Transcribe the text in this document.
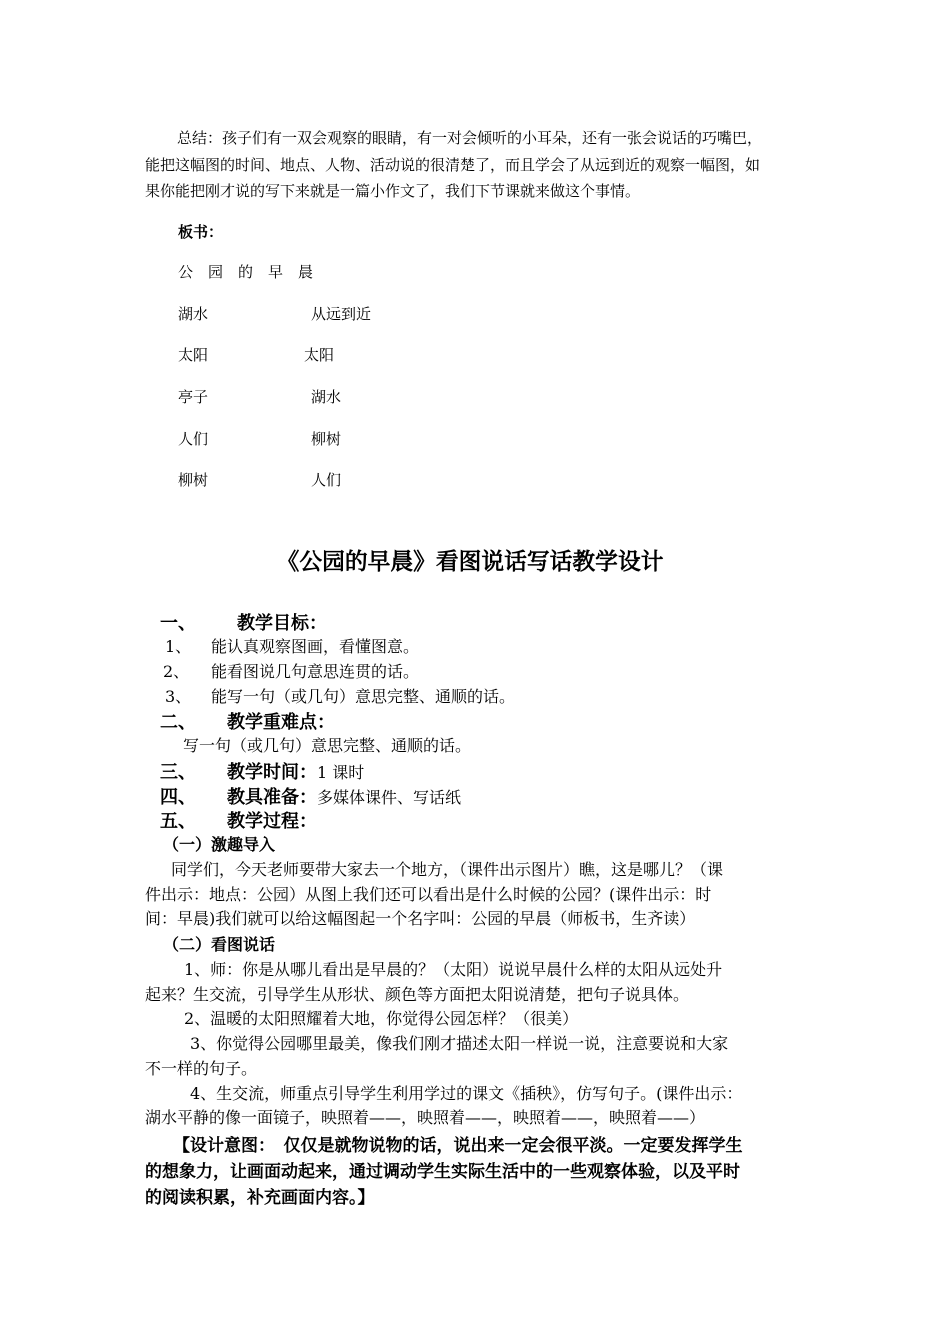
总结：孩子们有一双会观察的眼睛，有一对会倾听的小耳朵，还有一张会说话的巧嘴巴，
能把这幅图的时间、地点、人物、活动说的很清楚了，而且学会了从远到近的观察一幅图，如
果你能把刚才说的写下来就是一篇小作文了，我们下节课就来做这个事情。
板书：
公　园　的　早　晨
湖水	从远到近
太阳	太阳
亭子	湖水
人们	柳树
柳树	人们
《公园的早晨》看图说话写话教学设计
一、 教学目标：
1、 能认真观察图画，看懂图意。
2、 能看图说几句意思连贯的话。
3、 能写一句（或几句）意思完整、通顺的话。
二、 教学重难点：
写一句（或几句）意思完整、通顺的话。
三、 教学时间：1 课时
四、 教具准备：多媒体课件、写话纸
五、 教学过程：
（一）激趣导入
同学们，今天老师要带大家去一个地方，（课件出示图片）瞧，这是哪儿？（课
件出示：地点：公园）从图上我们还可以看出是什么时候的公园？(课件出示：时
间：早晨)我们就可以给这幅图起一个名字叫：公园的早晨（师板书，生齐读）
（二）看图说话
1、师：你是从哪儿看出是早晨的？（太阳）说说早晨什么样的太阳从远处升
起来？生交流，引导学生从形状、颜色等方面把太阳说清楚，把句子说具体。
2、温暖的太阳照耀着大地，你觉得公园怎样？（很美）
3、你觉得公园哪里最美，像我们刚才描述太阳一样说一说，注意要说和大家
不一样的句子。
4、生交流，师重点引导学生利用学过的课文《插秧》，仿写句子。(课件出示：
湖水平静的像一面镜子，映照着——，映照着——，映照着——，映照着——）
【设计意图：　仅仅是就物说物的话，说出来一定会很平淡。一定要发挥学生
的想象力，让画面动起来，通过调动学生实际生活中的一些观察体验，以及平时
的阅读积累，补充画面内容。】
